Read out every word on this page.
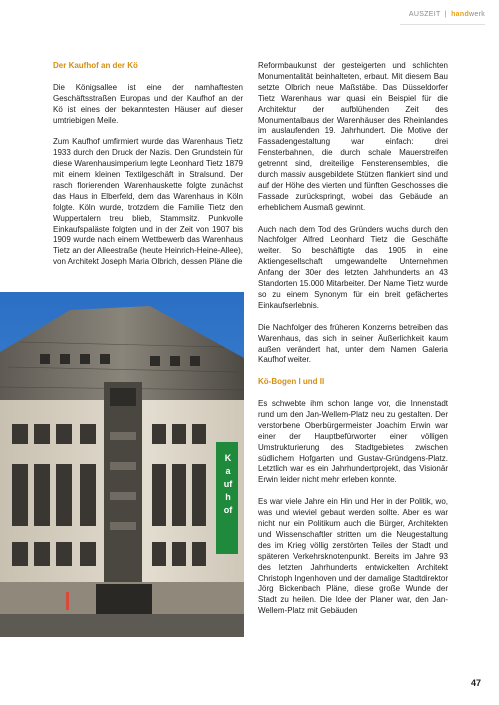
AUSZEIT | handwerk

Der Kaufhof an der Kö

Die Königsallee ist eine der namhaftesten Geschäftsstraßen Europas und der Kaufhof an der Kö ist eines der bekanntesten Häuser auf dieser umtriebigen Meile.

Zum Kaufhof umfirmiert wurde das Warenhaus Tietz 1933 durch den Druck der Nazis. Den Grundstein für diese Warenhausimperium legte Leonhard Tietz 1879 mit einem kleinen Textilgeschäft in Stralsund. Der rasch florierenden Warenhauskette folgte zunächst das Haus in Elberfeld, dem das Warenhaus in Köln folgte. Köln wurde, trotzdem die Familie Tietz den Wuppertalern treu blieb, Stammsitz. Punkvolle Einkaufspaläste folgten und in der Zeit von 1907 bis 1909 wurde nach einem Wettbewerb das Warenhaus Tietz an der Alleestraße (heute Heinrich-Heine-Allee), von Architekt Joseph Maria Olbrich, dessen Pläne die

Reformbaukunst der gesteigerten und schlichten Monumentalität beinhalteten, erbaut. Mit diesem Bau setzte Olbrich neue Maßstäbe. Das Düsseldorfer Tietz Warenhaus war quasi ein Beispiel für die Architektur der aufblühenden Zeit des Monumentalbaus der Warenhäuser des Rheinlandes im auslaufenden 19. Jahrhundert. Die Motive der Fassadengestaltung war einfach: drei Fensterbahnen, die durch schale Mauerstreifen getrennt sind, dreiteilige Fensterensembles, die durch massiv ausgebildete Stützen flankiert sind und auf der Höhe des vierten und fünften Geschosses die Fassade zurückspringt, wobei das Gebäude an erheblichem Ausmaß gewinnt.

Auch nach dem Tod des Gründers wuchs durch den Nachfolger Alfred Leonhard Tietz die Geschäfte weiter. So beschäftigte das 1905 in eine Aktiengesellschaft umgewandelte Unternehmen Anfang der 30er des letzten Jahrhunderts an 43 Standorten 15.000 Mitarbeiter. Der Name Tietz wurde so zu einem Synonym für ein breit gefächertes Einkaufserlebnis.

Die Nachfolger des früheren Konzerns betreiben das Warenhaus, das sich in seiner Äußerlichkeit kaum außen verändert hat, unter dem Namen Galeria Kaufhof weiter.

Kö-Bogen I und II

Es schwebte ihm schon lange vor, die Innenstadt rund um den Jan-Wellem-Platz neu zu gestalten. Der verstorbene Oberbürgermeister Joachim Erwin war einer der Hauptbefürworter einer völligen Umstrukturierung des Stadtgebietes zwischen südlichem Hofgarten und Gustav-Gründgens-Platz. Letztlich war es ein Jahrhundertprojekt, das Visionär Erwin leider nicht mehr erleben konnte.

Es war viele Jahre ein Hin und Her in der Politik, wo, was und wieviel gebaut werden sollte. Aber es war nicht nur ein Politikum auch die Bürger, Architekten und Wissenschaftler stritten um die Neugestaltung des im Krieg völlig zerstörten Teiles der Stadt und späteren Verkehrsknotenpunkt. Bereits im Jahre 93 des letzten Jahrhunderts entwickelten Architekt Christoph Ingenhoven und der damalige Stadtdirektor Jörg Bickenbach Pläne, diese große Wunde der Stadt zu heilen. Die Idee der Planer war, den Jan-Wellem-Platz mit Gebäuden

Kaufhof
47
